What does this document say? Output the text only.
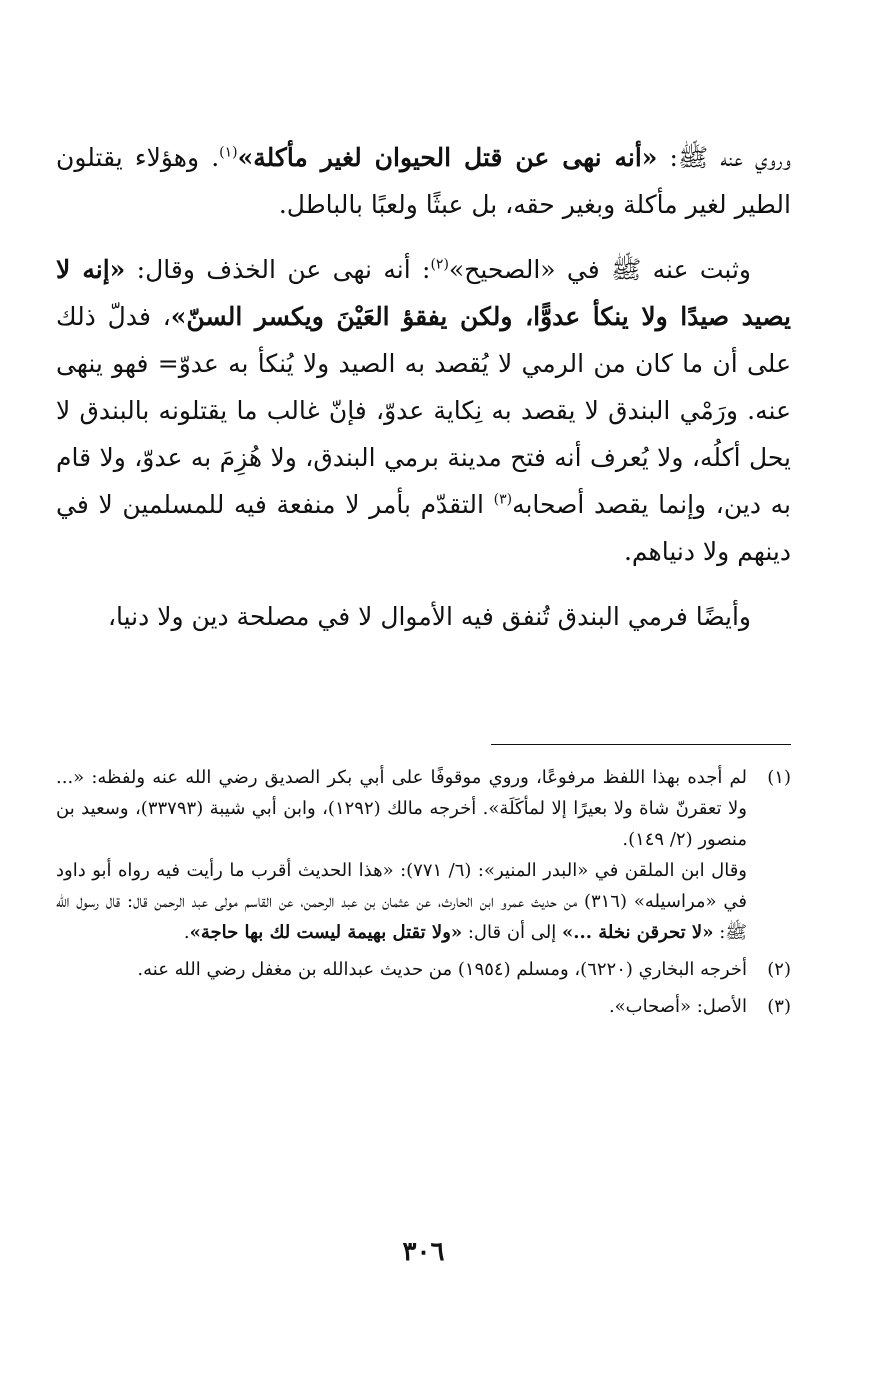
وروي عنه ﷺ: «أنه نهى عن قتل الحيوان لغير مأكلة»$^{(١)}$. وهؤلاء يقتلون الطير لغير مأكلة وبغير حقه، بل عبثًا ولعبًا بالباطل.

وثبت عنه ﷺ في «الصحيح»$^{(٢)}$: أنه نهى عن الخذف وقال: «إنه لا يصيد صيدًا ولا ينكأ عدوًّا، ولكن يفقؤ العَيْنَ ويكسر السنّ»، فدلّ ذلك على أن ما كان من الرمي لا يُقصد به الصيد ولا يُنكأ به عدوّ= فهو ينهى عنه. ورَمْي البندق لا يقصد به نِكاية عدوّ، فإنّ غالب ما يقتلونه بالبندق لا يحل أكلُه، ولا يُعرف أنه فتح مدينة برمي البندق، ولا هُزِمَ به عدوّ، ولا قام به دين، وإنما يقصد أصحابه$^{(٣)}$ التقدّم بأمر لا منفعة فيه للمسلمين لا في دينهم ولا دنياهم.

وأيضًا فرمي البندق تُنفق فيه الأموال لا في مصلحة دين ولا دنيا،

(١)

لم أجده بهذا اللفظ مرفوعًا، وروي موقوفًا على أبي بكر الصديق رضي الله عنه ولفظه: «... ولا تعقرنّ شاة ولا بعيرًا إلا لمأكَلَة». أخرجه مالك (١٢٩٢)، وابن أبي شيبة (٣٣٧٩٣)، وسعيد بن منصور (٢/ ١٤٩).

وقال ابن الملقن في «البدر المنير»: (٦/ ٧٧١): «هذا الحديث أقرب ما رأيت فيه رواه أبو داود في «مراسيله» (٣١٦) من حديث عمرو ابن الحارث، عن عثمان بن عبد الرحمن، عن القاسم مولى عبد الرحمن قال: قال رسول الله ﷺ: «لا تحرقن نخلة ...» إلى أن قال: «ولا تقتل بهيمة ليست لك بها حاجة».

(٢)

أخرجه البخاري (٦٢٢٠)، ومسلم (١٩٥٤) من حديث عبدالله بن مغفل رضي الله عنه.

(٣)

الأصل: «أصحاب».

٣٠٦
